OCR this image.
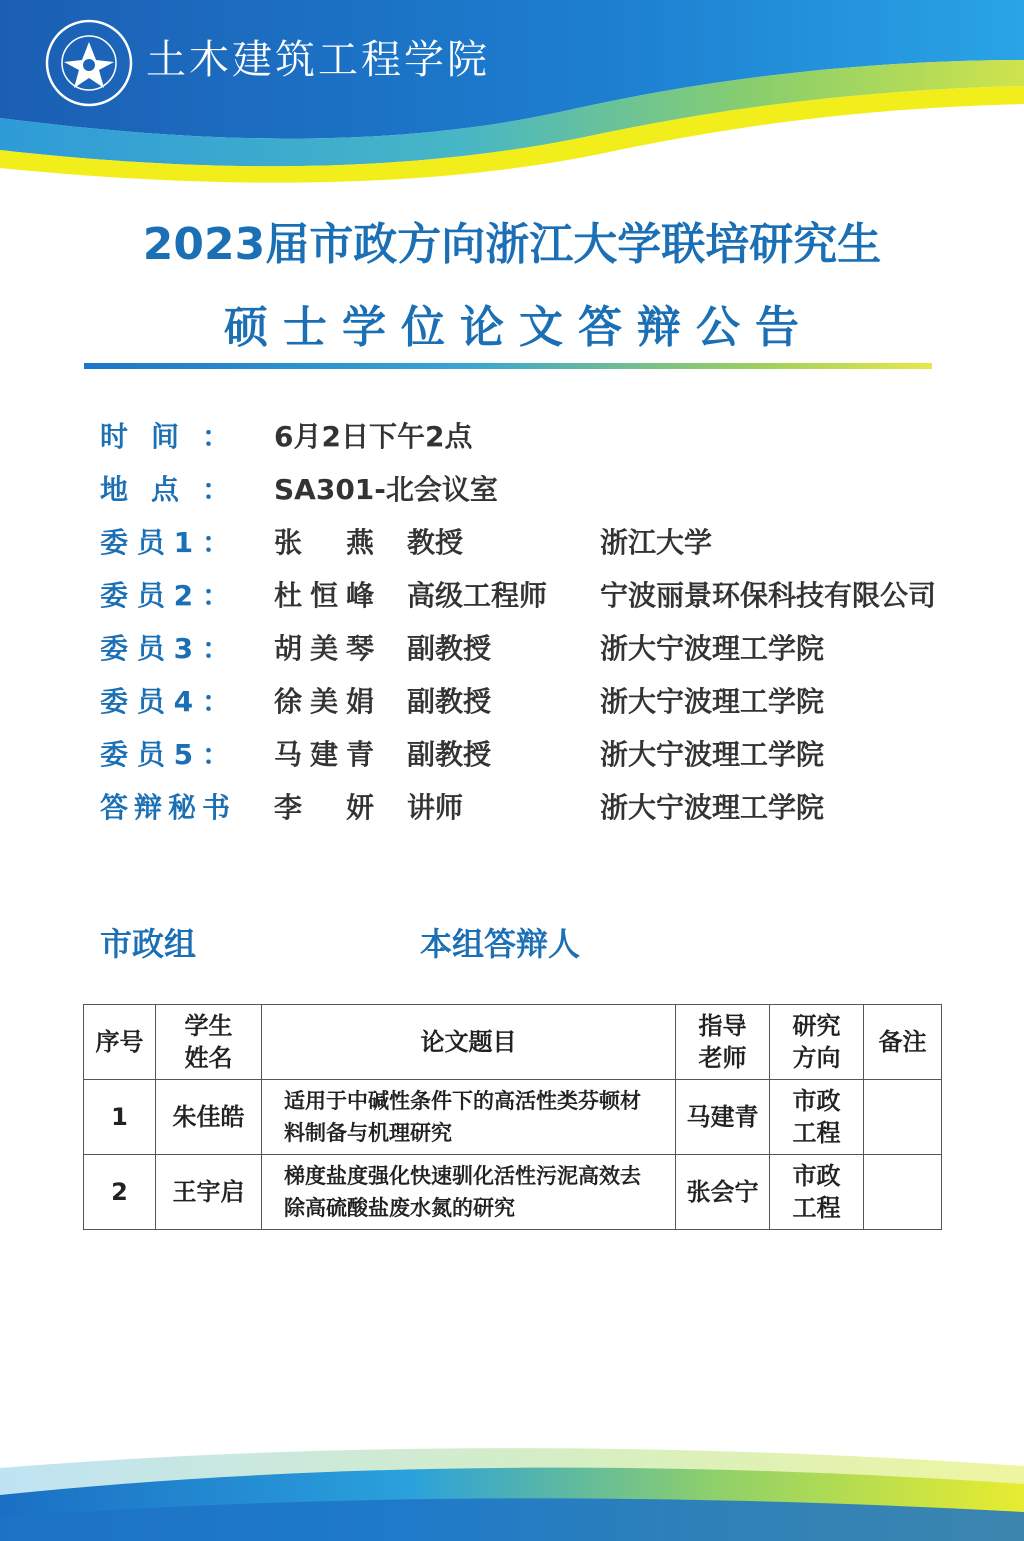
土木建筑工程学院
2023届市政方向浙江大学联培研究生
硕士学位论文答辩公告
时 间 ： 6月2日下午2点
地 点 ： SA301-北会议室
委 员 1 ： 张 燕 教授	浙江大学
委 员 2 ： 杜 恒 峰 高级工程师 宁波丽景环保科技有限公司
委 员 3 ： 胡 美 琴 副教授	浙大宁波理工学院
委 员 4 ： 徐 美 娟 副教授	浙大宁波理工学院
委 员 5 ： 马 建 青 副教授	浙大宁波理工学院
答 辩 秘 书 李 妍 讲师	浙大宁波理工学院
市政组	本组答辩人
序号	学生姓名	论文题目	指导老师	研究方向	备注
1	朱佳皓	适用于中碱性条件下的高活性类芬顿材料制备与机理研究	马建青	市政工程	
2	王宇启	梯度盐度强化快速驯化活性污泥高效去除高硫酸盐废水氮的研究	张会宁	市政工程	
